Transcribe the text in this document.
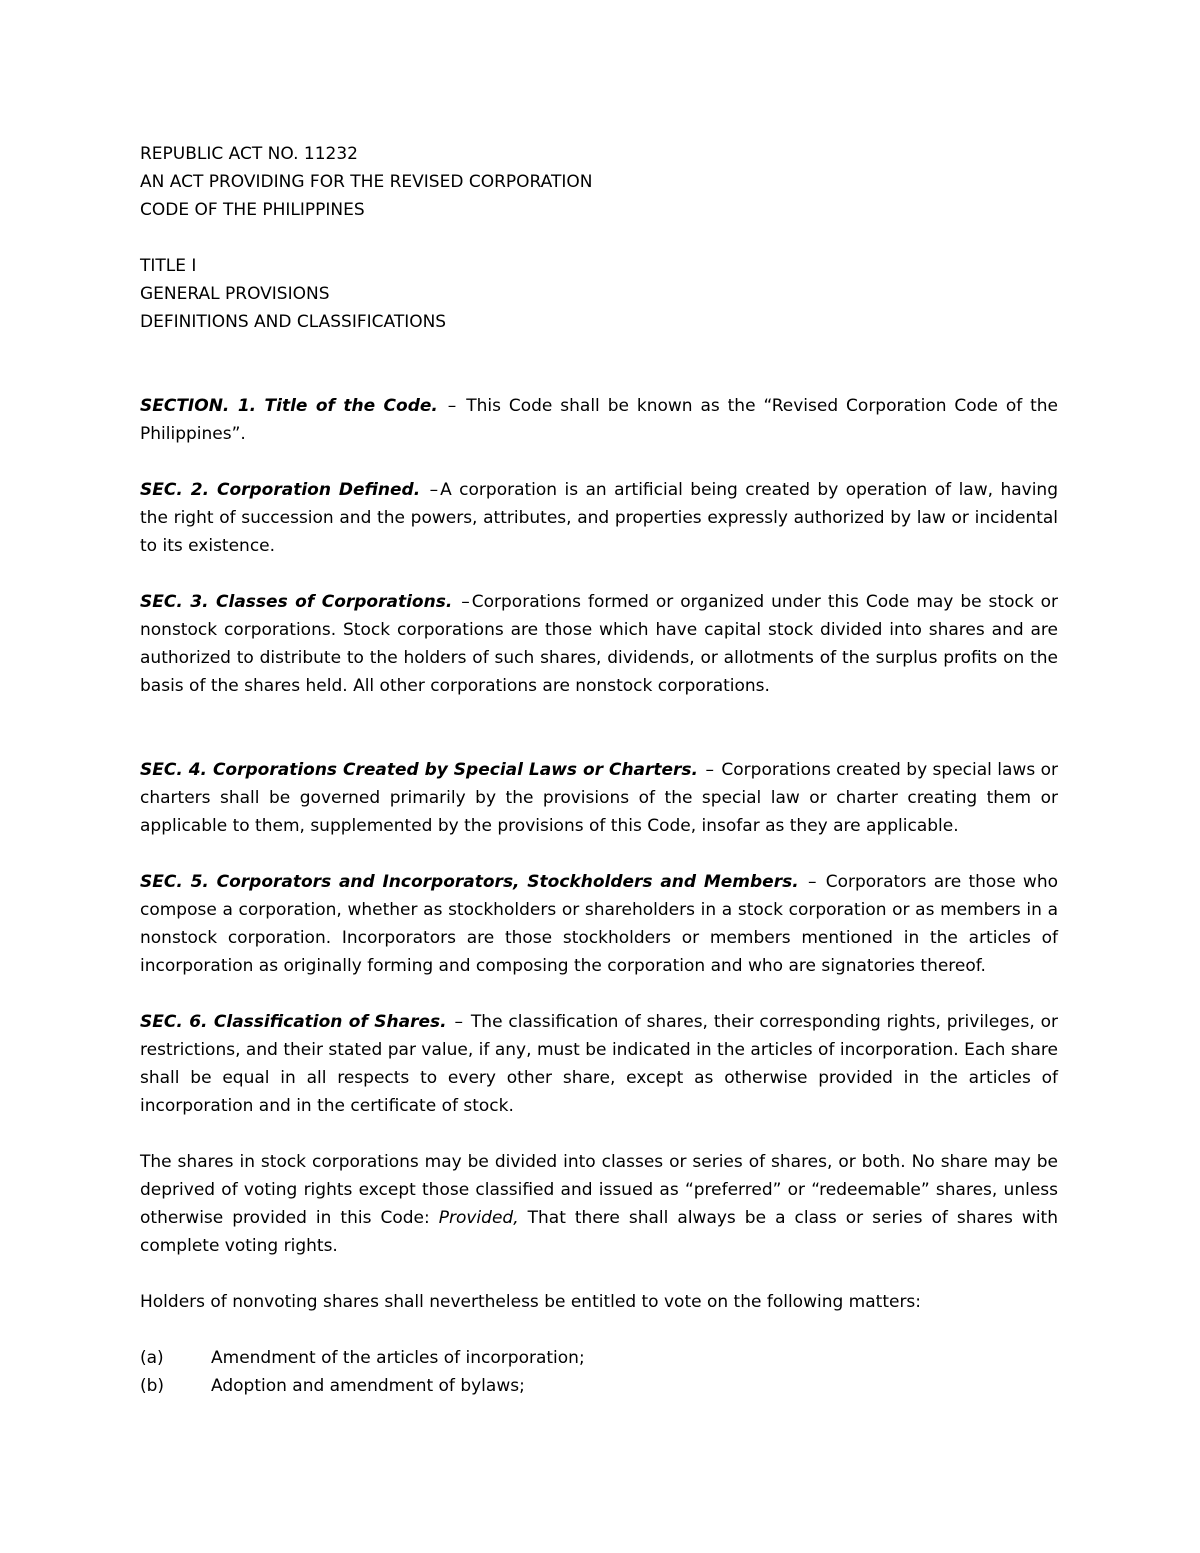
REPUBLIC ACT NO. 11232
AN ACT PROVIDING FOR THE REVISED CORPORATION
CODE OF THE PHILIPPINES
TITLE I
GENERAL PROVISIONS
DEFINITIONS AND CLASSIFICATIONS

SECTION. 1. Title of the Code. – This Code shall be known as the “Revised Corporation Code of the Philippines”.

SEC. 2. Corporation Defined. – A corporation is an artificial being created by operation of law, having the right of succession and the powers, attributes, and properties expressly authorized by law or incidental to its existence.

SEC. 3. Classes of Corporations. – Corporations formed or organized under this Code may be stock or nonstock corporations. Stock corporations are those which have capital stock divided into shares and are authorized to distribute to the holders of such shares, dividends, or allotments of the surplus profits on the basis of the shares held. All other corporations are nonstock corporations.

SEC. 4. Corporations Created by Special Laws or Charters. – Corporations created by special laws or charters shall be governed primarily by the provisions of the special law or charter creating them or applicable to them, supplemented by the provisions of this Code, insofar as they are applicable.

SEC. 5. Corporators and Incorporators, Stockholders and Members. – Corporators are those who compose a corporation, whether as stockholders or shareholders in a stock corporation or as members in a nonstock corporation. Incorporators are those stockholders or members mentioned in the articles of incorporation as originally forming and composing the corporation and who are signatories thereof.

SEC. 6. Classification of Shares. – The classification of shares, their corresponding rights, privileges, or restrictions, and their stated par value, if any, must be indicated in the articles of incorporation. Each share shall be equal in all respects to every other share, except as otherwise provided in the articles of incorporation and in the certificate of stock.

The shares in stock corporations may be divided into classes or series of shares, or both. No share may be deprived of voting rights except those classified and issued as “preferred” or “redeemable” shares, unless otherwise provided in this Code: Provided, That there shall always be a class or series of shares with complete voting rights.

Holders of nonvoting shares shall nevertheless be entitled to vote on the following matters:

(a)	Amendment of the articles of incorporation;
(b)	Adoption and amendment of bylaws;
